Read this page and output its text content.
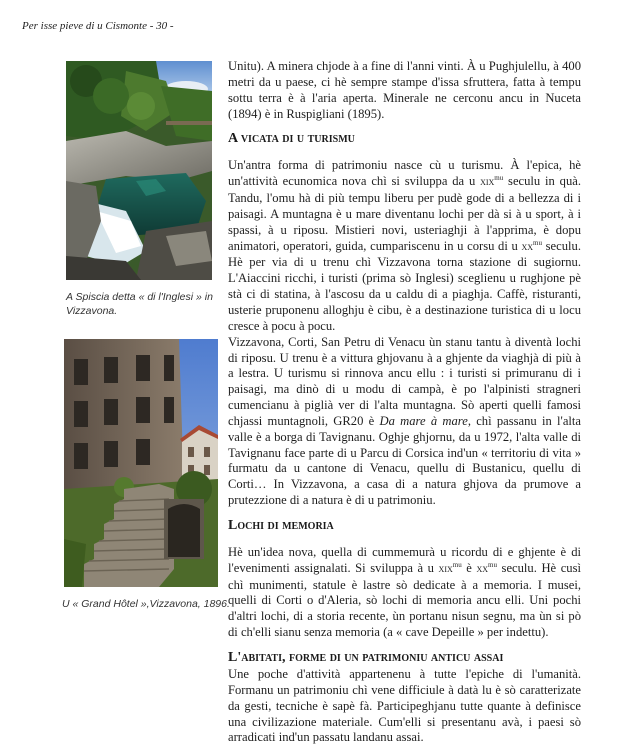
Per isse pieve di u Cismonte - 30 -
A Spiscia detta « di l'Inglesi » in Vizzavona.
U « Grand Hôtel »,Vizzavona, 1896.

Unitu). A minera chjode à a fine di l'anni vinti. À u Pughjulellu, à 400 metri da u paese, ci hè sempre stampe d'issa sfruttera, fatta à tempu sottu terra è à l'aria aperta. Minerale ne cerconu ancu in Nuceta (1894) è in Ruspigliani (1895).

A vicata di u turismu

Un'antra forma di patrimoniu nasce cù u turismu. À l'epica, hè un'attività ecunomica nova chì si sviluppa da u xix$^{mu}$ seculu in quà. Tandu, l'omu hà di più tempu liberu per pudè gode di a bellezza di i paisagi. A muntagna è u mare diventanu lochi per dà si à u sport, à i spassi, à u riposu. Mistieri novi, usteriaghji à l'apprima, è dopu animatori, operatori, guida, cumpariscenu in u corsu di u $xx^{mu}$ seculu. Hè per via di u trenu chì Vizzavona torna stazione di sugiornu. L'Aiaccini ricchi, i turisti (prima sò Inglesi) sceglienu u rughjone pè stà ci di statina, à l'ascosu da u caldu di a piaghja. Caffè, risturanti, usterie pruponenu alloghju è cibu, è a destinazione turistica di u locu cresce à pocu à pocu.

Vizzavona, Corti, San Petru di Venacu ùn stanu tantu à diventà lochi di riposu. U trenu è a vittura ghjovanu à a ghjente da viaghjà di più à a lestra. U turismu si rinnova ancu ellu : i turisti si primuranu di i paisagi, ma dinò di u modu di campà, è po l'alpinisti stragneri cumencianu à piglià ver di l'alta muntagna. Sò aperti quelli famosi chjassi muntagnoli, GR20 è Da mare à mare, chì passanu in l'alta valle è a borga di Tavignanu. Oghje ghjornu, da u 1972, l'alta valle di Tavignanu face parte di u Parcu di Corsica ind'un « territoriu di vita » furmatu da u cantone di Venacu, quellu di Bustanicu, quellu di Corti… In Vizzavona, a casa di a natura ghjova da prumove a prutezzione di a natura è di u patrimoniu.

Lochi di memoria

Hè un'idea nova, quella di cummemurà u ricordu di e ghjente è di l'evenimenti assignalati. Si sviluppa à u xix$^{mu}$ è $xx^{mu}$ seculu. Hè cusì chì munimenti, statule è lastre sò dedicate à a memoria. I musei, quelli di Corti o d'Aleria, sò lochi di memoria ancu elli. Uni pochi d'altri lochi, di a storia recente, ùn portanu nisun segnu, ma ùn si pò di ch'elli sianu senza memoria (a « cave Depeille » per indettu).

L'abitati, forme di un patrimoniu anticu assai

Une poche d'attività appartenenu à tutte l'epiche di l'umanità. Formanu un patrimoniu chì vene difficiule à datà lu è sò caratterizate da gesti, tecniche è sapè fà. Participeghjanu tutte quante à definisce una civilizazione materiale. Cum'elli si presentanu avà, i paesi sò arradicati ind'un passatu landanu assai.
